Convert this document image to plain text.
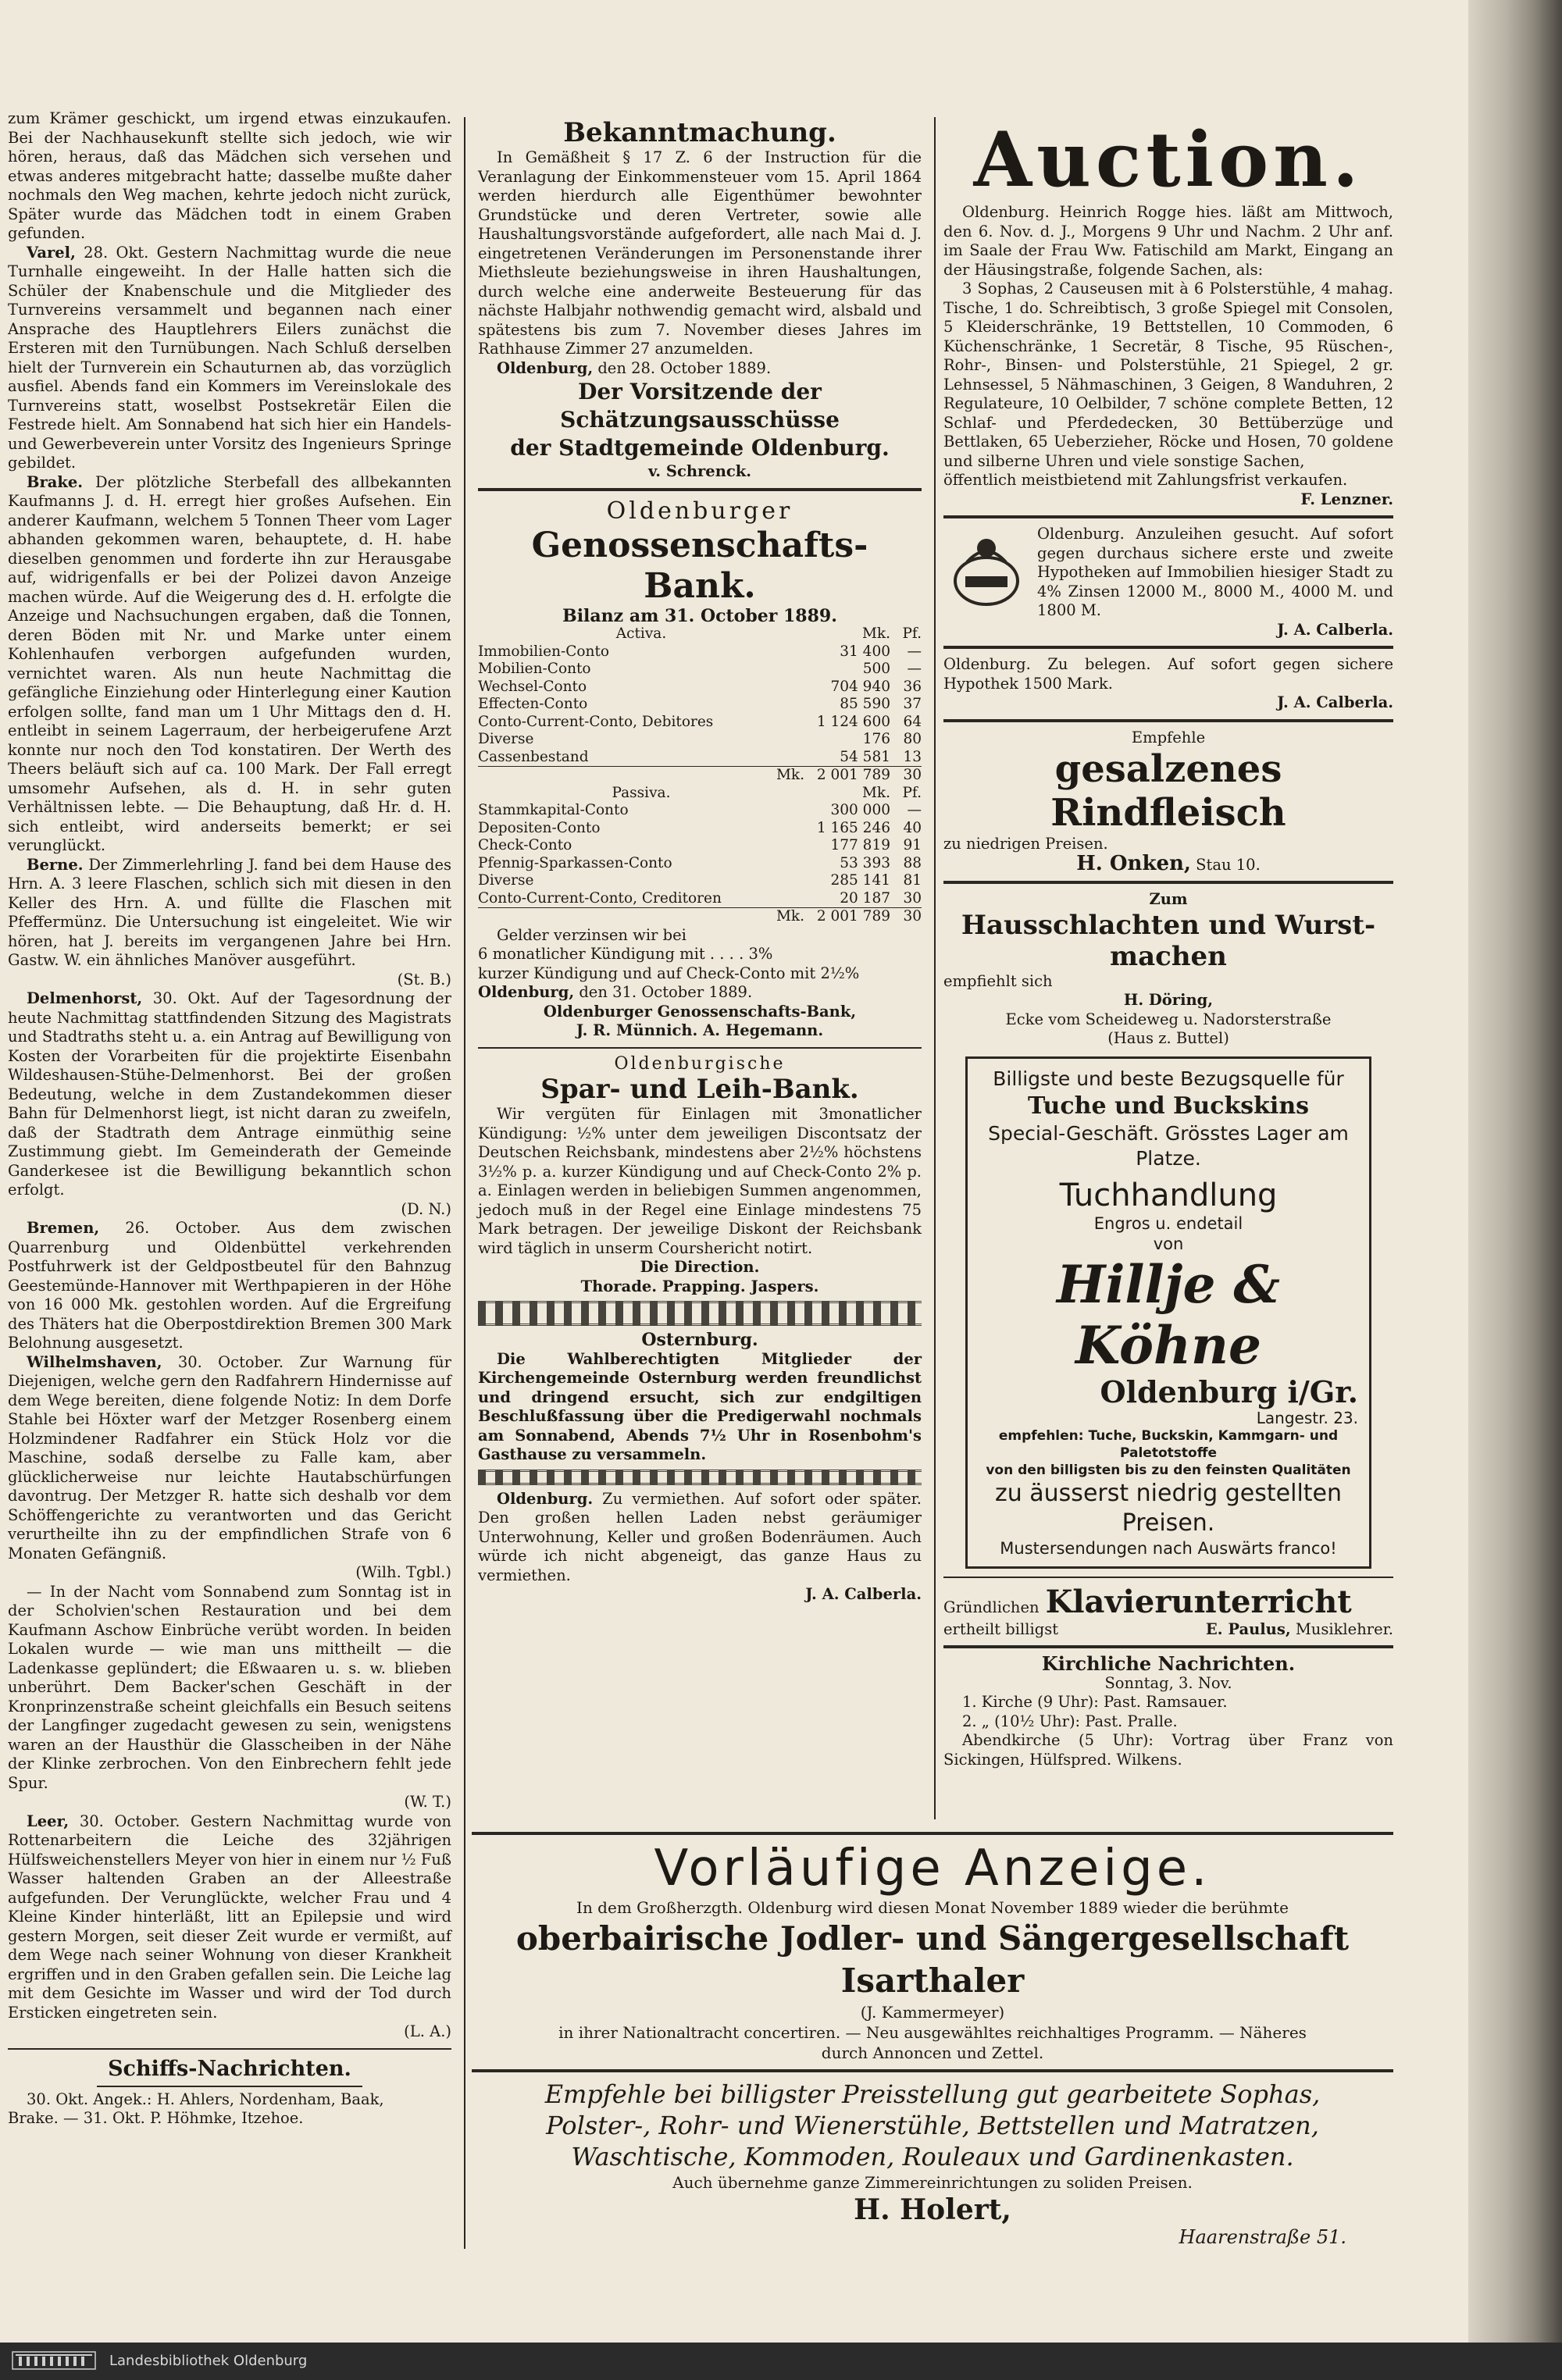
zum Krämer geschickt, um irgend etwas einzukaufen. Bei der Nachhausekunft stellte sich jedoch, wie wir hören, heraus, daß das Mädchen sich versehen und etwas anderes mitgebracht hatte; dasselbe mußte daher nochmals den Weg machen, kehrte jedoch nicht zurück, Später wurde das Mädchen todt in einem Graben gefunden.

Varel, 28. Okt. Gestern Nachmittag wurde die neue Turnhalle eingeweiht. In der Halle hatten sich die Schüler der Knabenschule und die Mitglieder des Turnvereins versammelt und begannen nach einer Ansprache des Hauptlehrers Eilers zunächst die Ersteren mit den Turnübungen. Nach Schluß derselben hielt der Turnverein ein Schauturnen ab, das vorzüglich ausfiel. Abends fand ein Kommers im Vereinslokale des Turnvereins statt, woselbst Postsekretär Eilen die Festrede hielt. Am Sonnabend hat sich hier ein Handels- und Gewerbeverein unter Vorsitz des Ingenieurs Springe gebildet.

Brake. Der plötzliche Sterbefall des allbekannten Kaufmanns J. d. H. erregt hier großes Aufsehen. Ein anderer Kaufmann, welchem 5 Tonnen Theer vom Lager abhanden gekommen waren, behauptete, d. H. habe dieselben genommen und forderte ihn zur Herausgabe auf, widrigenfalls er bei der Polizei davon Anzeige machen würde. Auf die Weigerung des d. H. erfolgte die Anzeige und Nachsuchungen ergaben, daß die Tonnen, deren Böden mit Nr. und Marke unter einem Kohlenhaufen verborgen aufgefunden wurden, vernichtet waren. Als nun heute Nachmittag die gefängliche Einziehung oder Hinterlegung einer Kaution erfolgen sollte, fand man um 1 Uhr Mittags den d. H. entleibt in seinem Lagerraum, der herbeigerufene Arzt konnte nur noch den Tod konstatiren. Der Werth des Theers beläuft sich auf ca. 100 Mark. Der Fall erregt umsomehr Aufsehen, als d. H. in sehr guten Verhältnissen lebte. — Die Behauptung, daß Hr. d. H. sich entleibt, wird anderseits bemerkt; er sei verunglückt.

Berne. Der Zimmerlehrling J. fand bei dem Hause des Hrn. A. 3 leere Flaschen, schlich sich mit diesen in den Keller des Hrn. A. und füllte die Flaschen mit Pfeffermünz. Die Untersuchung ist eingeleitet. Wie wir hören, hat J. bereits im vergangenen Jahre bei Hrn. Gastw. W. ein ähnliches Manöver ausgeführt.

(St. B.)

Delmenhorst, 30. Okt. Auf der Tagesordnung der heute Nachmittag stattfindenden Sitzung des Magistrats und Stadtraths steht u. a. ein Antrag auf Bewilligung von Kosten der Vorarbeiten für die projektirte Eisenbahn Wildeshausen-Stühe-Delmenhorst. Bei der großen Bedeutung, welche in dem Zustandekommen dieser Bahn für Delmenhorst liegt, ist nicht daran zu zweifeln, daß der Stadtrath dem Antrage einmüthig seine Zustimmung giebt. Im Gemeinderath der Gemeinde Ganderkesee ist die Bewilligung bekanntlich schon erfolgt.

(D. N.)

Bremen, 26. October. Aus dem zwischen Quarrenburg und Oldenbüttel verkehrenden Postfuhrwerk ist der Geldpostbeutel für den Bahnzug Geestemünde-Hannover mit Werthpapieren in der Höhe von 16 000 Mk. gestohlen worden. Auf die Ergreifung des Thäters hat die Oberpostdirektion Bremen 300 Mark Belohnung ausgesetzt.

Wilhelmshaven, 30. October. Zur Warnung für Diejenigen, welche gern den Radfahrern Hindernisse auf dem Wege bereiten, diene folgende Notiz: In dem Dorfe Stahle bei Höxter warf der Metzger Rosenberg einem Holzmindener Radfahrer ein Stück Holz vor die Maschine, sodaß derselbe zu Falle kam, aber glücklicherweise nur leichte Hautabschürfungen davontrug. Der Metzger R. hatte sich deshalb vor dem Schöffengerichte zu verantworten und das Gericht verurtheilte ihn zu der empfindlichen Strafe von 6 Monaten Gefängniß.

(Wilh. Tgbl.)

— In der Nacht vom Sonnabend zum Sonntag ist in der Scholvien'schen Restauration und bei dem Kaufmann Aschow Einbrüche verübt worden. In beiden Lokalen wurde — wie man uns mittheilt — die Ladenkasse geplündert; die Eßwaaren u. s. w. blieben unberührt. Dem Backer'schen Geschäft in der Kronprinzenstraße scheint gleichfalls ein Besuch seitens der Langfinger zugedacht gewesen zu sein, wenigstens waren an der Hausthür die Glasscheiben in der Nähe der Klinke zerbrochen. Von den Einbrechern fehlt jede Spur.

(W. T.)

Leer, 30. October. Gestern Nachmittag wurde von Rottenarbeitern die Leiche des 32jährigen Hülfsweichenstellers Meyer von hier in einem nur ½ Fuß Wasser haltenden Graben an der Alleestraße aufgefunden. Der Verunglückte, welcher Frau und 4 Kleine Kinder hinterläßt, litt an Epilepsie und wird gestern Morgen, seit dieser Zeit wurde er vermißt, auf dem Wege nach seiner Wohnung von dieser Krankheit ergriffen und in den Graben gefallen sein. Die Leiche lag mit dem Gesichte im Wasser und wird der Tod durch Ersticken eingetreten sein.

(L. A.)
Schiffs-Nachrichten.

30. Okt. Angek.: H. Ahlers, Nordenham, Baak,

Brake. — 31. Okt. P. Höhmke, Itzehoe.

Bekanntmachung.

In Gemäßheit § 17 Z. 6 der Instruction für die Veranlagung der Einkommensteuer vom 15. April 1864 werden hierdurch alle Eigenthümer bewohnter Grundstücke und deren Vertreter, sowie alle Haushaltungsvorstände aufgefordert, alle nach Mai d. J. eingetretenen Veränderungen im Personenstande ihrer Miethsleute beziehungsweise in ihren Haushaltungen, durch welche eine anderweite Besteuerung für das nächste Halbjahr nothwendig gemacht wird, alsbald und spätestens bis zum 7. November dieses Jahres im Rathhause Zimmer 27 anzumelden.

Oldenburg, den 28. October 1889.

Der Vorsitzende der Schätzungsausschüsse
der Stadtgemeinde Oldenburg.
v. Schrenck.
Oldenburger
Genossenschafts-Bank.
Bilanz am 31. October 1889.
Activa.	Mk.	Pf.
Immobilien-Conto	31 400	—
Mobilien-Conto	500	—
Wechsel-Conto	704 940	36
Effecten-Conto	85 590	37
Conto-Current-Conto, Debitores	1 124 600	64
Diverse	176	80
Cassenbestand	54 581	13
Mk.	2 001 789	30
Passiva.	Mk.	Pf.
Stammkapital-Conto	300 000	—
Depositen-Conto	1 165 246	40
Check-Conto	177 819	91
Pfennig-Sparkassen-Conto	53 393	88
Diverse	285 141	81
Conto-Current-Conto, Creditoren	20 187	30
Mk.	2 001 789	30

Gelder verzinsen wir bei

6 monatlicher Kündigung mit . . . . 3%

kurzer Kündigung und auf Check-Conto mit 2½%

Oldenburg, den 31. October 1889.

Oldenburger Genossenschafts-Bank,
J. R. Münnich. A. Hegemann.
Oldenburgische
Spar- und Leih-Bank.

Wir vergüten für Einlagen mit 3monatlicher Kündigung: ½% unter dem jeweiligen Discontsatz der Deutschen Reichsbank, mindestens aber 2½% höchstens 3½% p. a. kurzer Kündigung und auf Check-Conto 2% p. a. Einlagen werden in beliebigen Summen angenommen, jedoch muß in der Regel eine Einlage mindestens 75 Mark betragen. Der jeweilige Diskont der Reichsbank wird täglich in unserm Courshericht notirt.

Die Direction.
Thorade. Prapping. Jaspers.
Osternburg.

Die Wahlberechtigten Mitglieder der Kirchengemeinde Osternburg werden freundlichst und dringend ersucht, sich zur endgiltigen Beschlußfassung über die Predigerwahl nochmals am Sonnabend, Abends 7½ Uhr in Rosenbohm's Gasthause zu versammeln.

Oldenburg. Zu vermiethen. Auf sofort oder später. Den großen hellen Laden nebst geräumiger Unterwohnung, Keller und großen Bodenräumen. Auch würde ich nicht abgeneigt, das ganze Haus zu vermiethen.

J. A. Calberla.
Auction.

Oldenburg. Heinrich Rogge hies. läßt am Mittwoch, den 6. Nov. d. J., Morgens 9 Uhr und Nachm. 2 Uhr anf. im Saale der Frau Ww. Fatischild am Markt, Eingang an der Häusingstraße, folgende Sachen, als:

3 Sophas, 2 Causeusen mit à 6 Polsterstühle, 4 mahag. Tische, 1 do. Schreibtisch, 3 große Spiegel mit Consolen, 5 Kleiderschränke, 19 Bettstellen, 10 Commoden, 6 Küchenschränke, 1 Secretär, 8 Tische, 95 Rüschen-, Rohr-, Binsen- und Polsterstühle, 21 Spiegel, 2 gr. Lehnsessel, 5 Nähmaschinen, 3 Geigen, 8 Wanduhren, 2 Regulateure, 10 Oelbilder, 7 schöne complete Betten, 12 Schlaf- und Pferdedecken, 30 Bettüberzüge und Bettlaken, 65 Ueberzieher, Röcke und Hosen, 70 goldene und silberne Uhren und viele sonstige Sachen,

öffentlich meistbietend mit Zahlungsfrist verkaufen.

F. Lenzner.

Oldenburg. Anzuleihen gesucht. Auf sofort gegen durchaus sichere erste und zweite Hypotheken auf Immobilien hiesiger Stadt zu 4% Zinsen 12000 M., 8000 M., 4000 M. und 1800 M.

J. A. Calberla.

Oldenburg. Zu belegen. Auf sofort gegen sichere Hypothek 1500 Mark.

J. A. Calberla.
Empfehle
gesalzenes Rindfleisch
zu niedrigen Preisen.
H. Onken, Stau 10.
Zum
Hausschlachten und Wurst-
machen
empfiehlt sich
H. Döring,
Ecke vom Scheideweg u. Nadorsterstraße
(Haus z. Buttel)
Billigste und beste Bezugsquelle für
Tuche und Buckskins
Special-Geschäft. Grösstes Lager am Platze.
Tuchhandlung
Engros u. endetail
von
Hillje & Köhne
Oldenburg i/Gr.
Langestr. 23.
empfehlen: Tuche, Buckskin, Kammgarn- und Paletotstoffe
von den billigsten bis zu den feinsten Qualitäten
zu äusserst niedrig gestellten Preisen.
Mustersendungen nach Auswärts franco!
Gründlichen Klavierunterricht
ertheilt billigst	E. Paulus, Musiklehrer.
Kirchliche Nachrichten.
Sonntag, 3. Nov.

1. Kirche (9 Uhr): Past. Ramsauer.

2. „ (10½ Uhr): Past. Pralle.

Abendkirche (5 Uhr): Vortrag über Franz von Sickingen, Hülfspred. Wilkens.

Vorläufige Anzeige.
In dem Großherzgth. Oldenburg wird diesen Monat November 1889 wieder die berühmte
oberbairische Jodler- und Sängergesellschaft Isarthaler
(J. Kammermeyer)
in ihrer Nationaltracht concertiren. — Neu ausgewähltes reichhaltiges Programm. — Näheres
durch Annoncen und Zettel.
Empfehle bei billigster Preisstellung gut gearbeitete Sophas,
Polster-, Rohr- und Wienerstühle, Bettstellen und Matratzen,
Waschtische, Kommoden, Rouleaux und Gardinenkasten.
Auch übernehme ganze Zimmereinrichtungen zu soliden Preisen.
H. Holert,
Haarenstraße 51.
Landesbibliothek Oldenburg
